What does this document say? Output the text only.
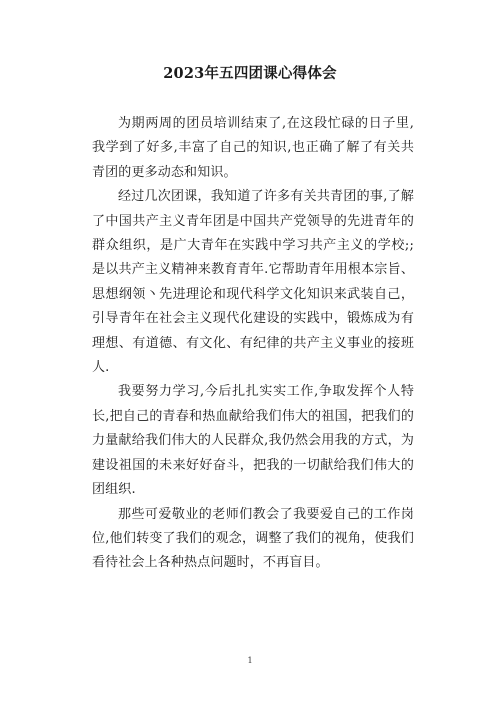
2023年五四团课心得体会

为期两周的团员培训结束了,在这段忙碌的日子里,我学到了好多,丰富了自己的知识,也正确了解了有关共青团的更多动态和知识。

经过几次团课，我知道了许多有关共青团的事,了解了中国共产主义青年团是中国共产党领导的先进青年的群众组织，是广大青年在实践中学习共产主义的学校;;是以共产主义精神来教育青年.它帮助青年用根本宗旨、思想纲领丶先进理论和现代科学文化知识来武装自己，引导青年在社会主义现代化建设的实践中，锻炼成为有理想、有道德、有文化、有纪律的共产主义事业的接班人.

我要努力学习,今后扎扎实实工作,争取发挥个人特长,把自己的青春和热血献给我们伟大的祖国，把我们的力量献给我们伟大的人民群众,我仍然会用我的方式，为建设祖国的未来好好奋斗，把我的一切献给我们伟大的团组织.

那些可爱敬业的老师们教会了我要爱自己的工作岗位,他们转变了我们的观念，调整了我们的视角，使我们看待社会上各种热点问题时，不再盲目。

1
